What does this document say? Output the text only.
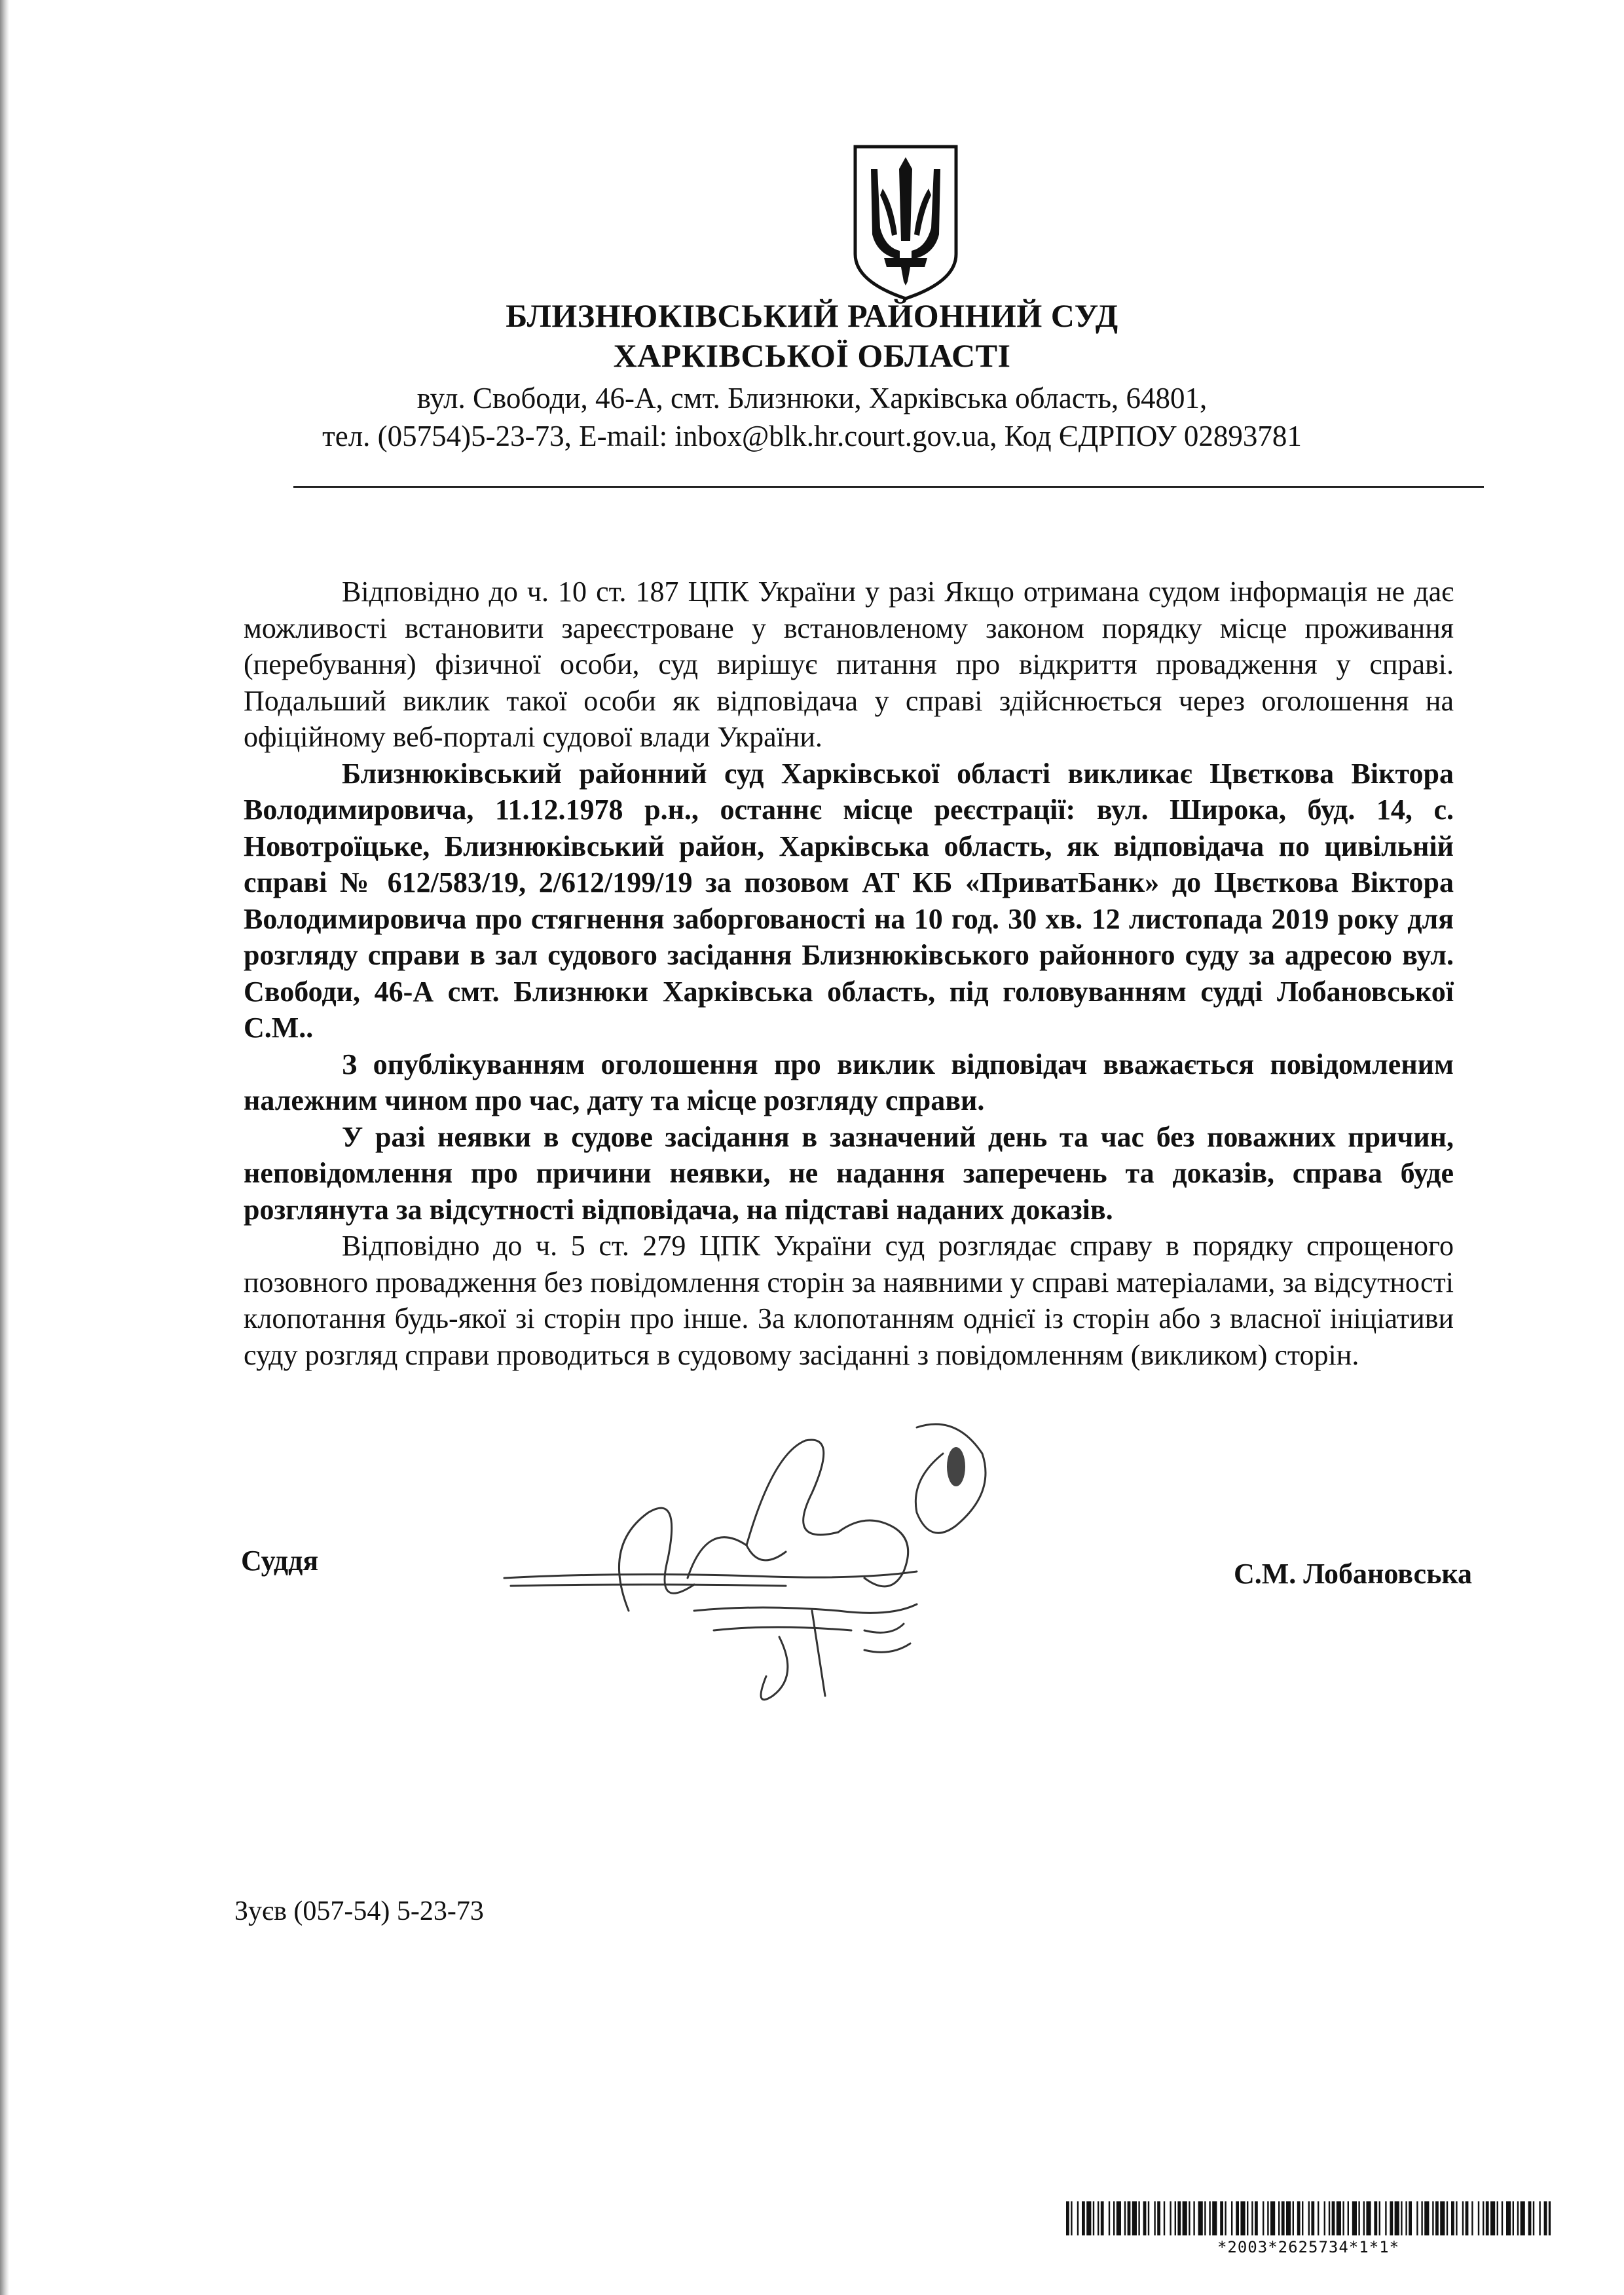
БЛИЗНЮКІВСЬКИЙ РАЙОННИЙ СУД
ХАРКІВСЬКОЇ ОБЛАСТІ
вул. Свободи, 46-А, смт. Близнюки, Харківська область, 64801,
тел. (05754)5-23-73, E-mail: inbox@blk.hr.court.gov.ua, Код ЄДРПОУ 02893781

Відповідно до ч. 10 ст. 187 ЦПК України у разі Якщо отримана судом інформація не дає можливості встановити зареєстроване у встановленому законом порядку місце проживання (перебування) фізичної особи, суд вирішує питання про відкриття провадження у справі. Подальший виклик такої особи як відповідача у справі здійснюється через оголошення на офіційному веб-порталі судової влади України.

Близнюківський районний суд Харківської області викликає Цвєткова Віктора Володимировича, 11.12.1978 р.н., останнє місце реєстрації: вул. Широка, буд. 14, с. Новотроїцьке, Близнюківський район, Харківська область, як відповідача по цивільній справі № 612/583/19, 2/612/199/19 за позовом АТ КБ «ПриватБанк» до Цвєткова Віктора Володимировича про стягнення заборгованості на 10 год. 30 хв. 12 листопада 2019 року для розгляду справи в зал судового засідання Близнюківського районного суду за адресою вул. Свободи, 46-А смт. Близнюки Харківська область, під головуванням судді Лобановської С.М..

З опублікуванням оголошення про виклик відповідач вважається повідомленим належним чином про час, дату та місце розгляду справи.

У разі неявки в судове засідання в зазначений день та час без поважних причин, неповідомлення про причини неявки, не надання заперечень та доказів, справа буде розглянута за відсутності відповідача, на підставі наданих доказів.

Відповідно до ч. 5 ст. 279 ЦПК України суд розглядає справу в порядку спрощеного позовного провадження без повідомлення сторін за наявними у справі матеріалами, за відсутності клопотання будь-якої зі сторін про інше. За клопотанням однієї із сторін або з власної ініціативи суду розгляд справи проводиться в судовому засіданні з повідомленням (викликом) сторін.

Суддя	С.М. Лобановська
Зуєв (057-54) 5-23-73
*2003*2625734*1*1*
